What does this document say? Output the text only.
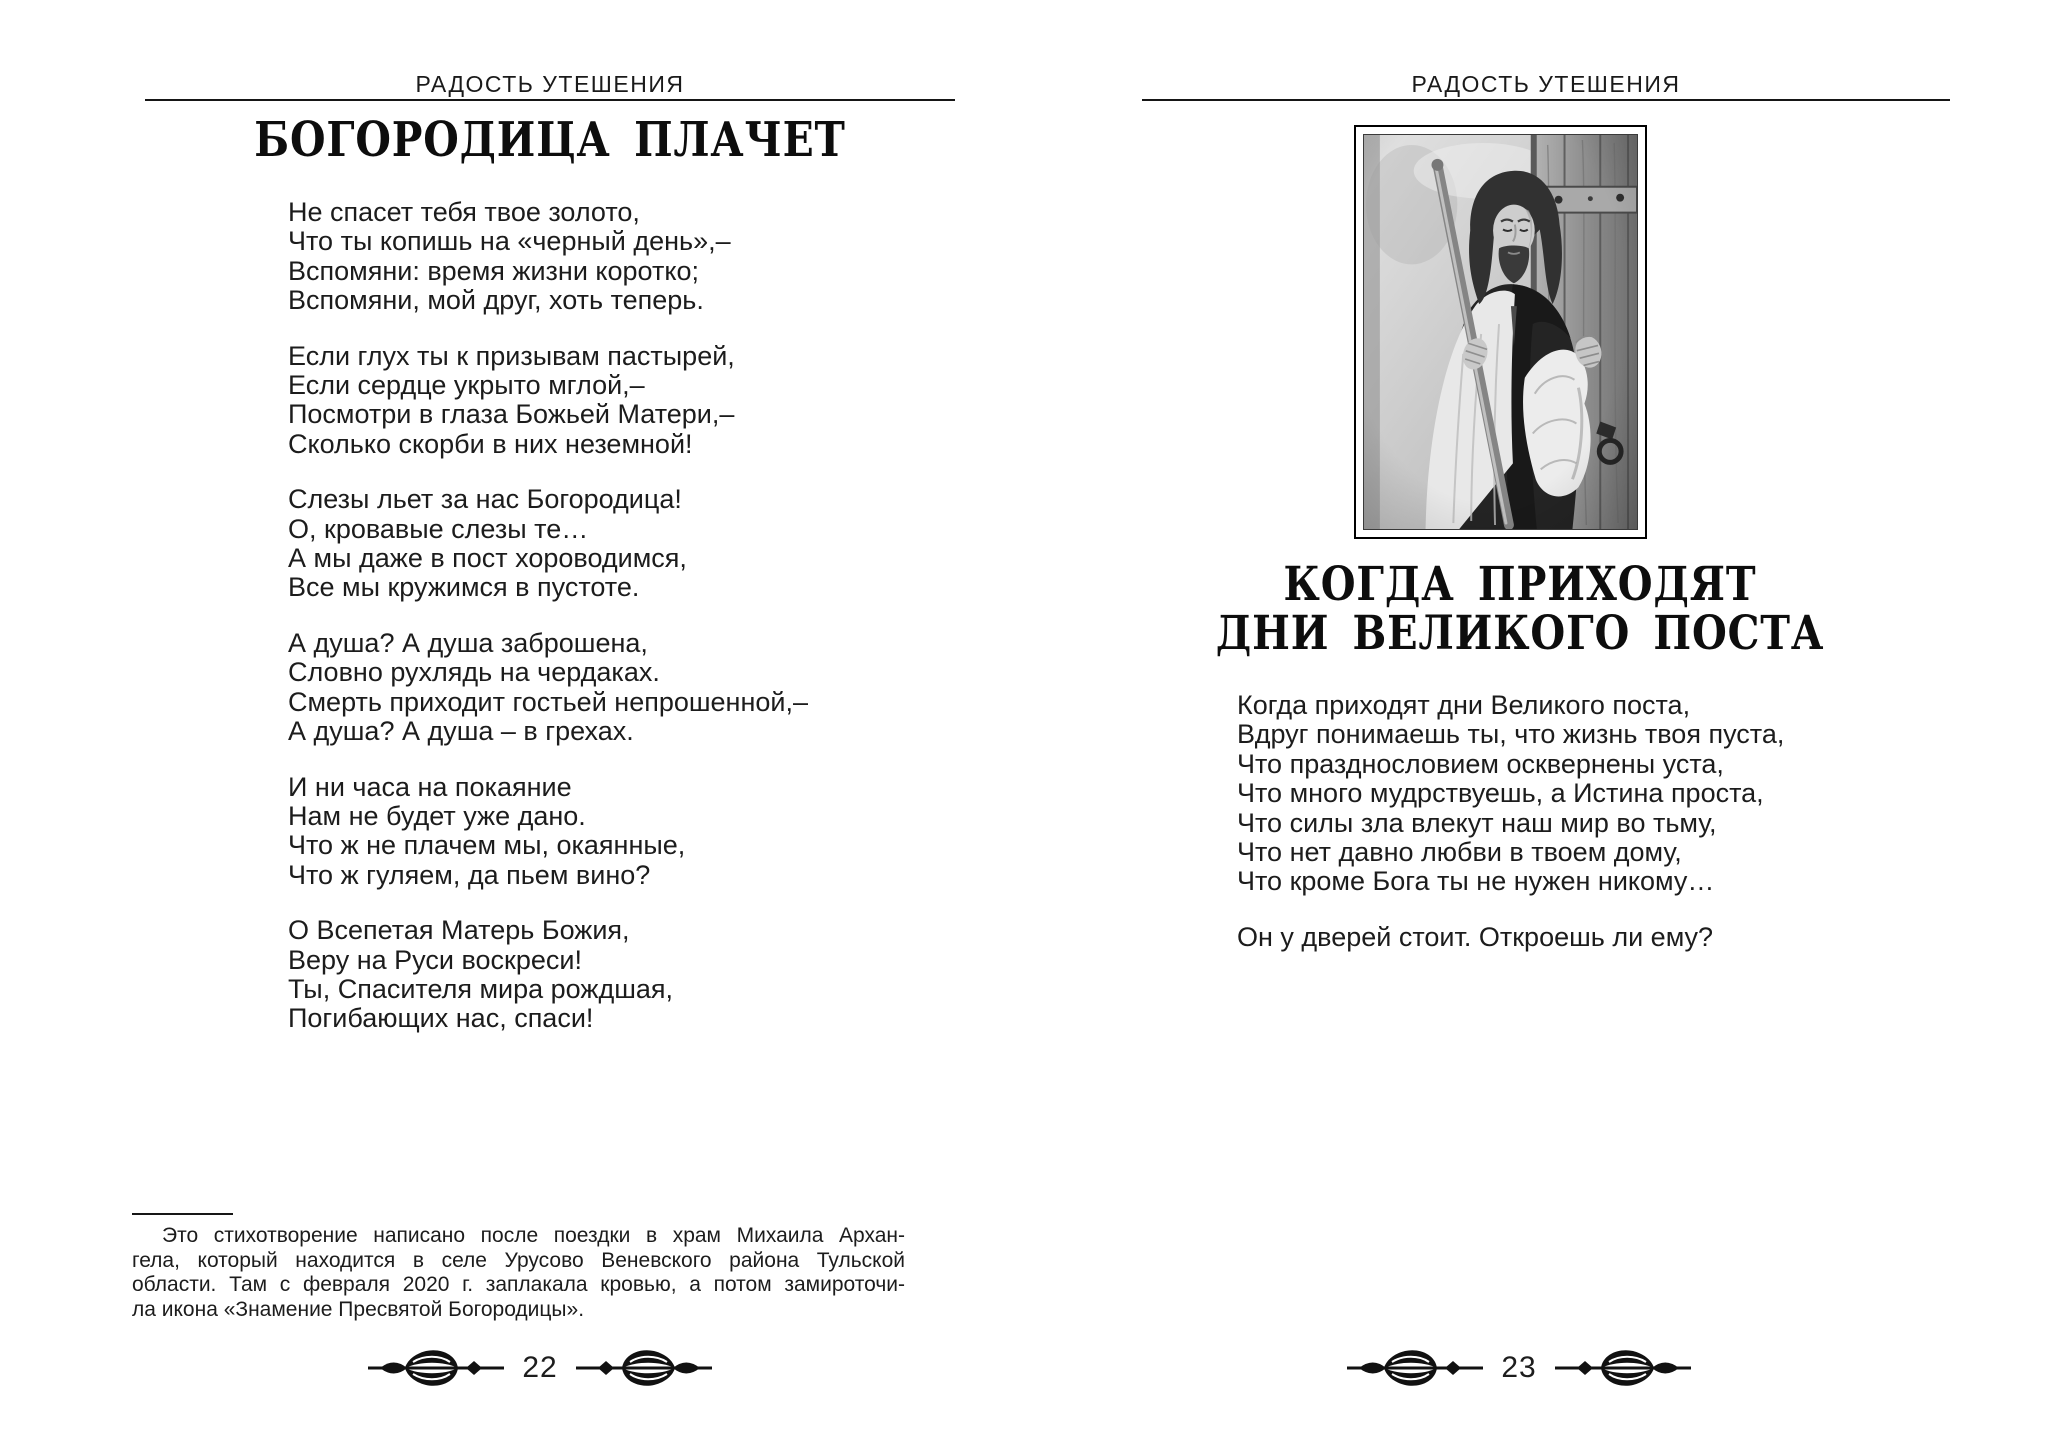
РАДОСТЬ УТЕШЕНИЯ
БОГОРОДИЦА ПЛАЧЕТ

Не спасет тебя твое золото,
Что ты копишь на «черный день»,–
Вспомяни: время жизни коротко;
Вспомяни, мой друг, хоть теперь.

Если глух ты к призывам пастырей,
Если сердце укрыто мглой,–
Посмотри в глаза Божьей Матери,–
Сколько скорби в них неземной!

Слезы льет за нас Богородица!
О, кровавые слезы те…
А мы даже в пост хороводимся,
Все мы кружимся в пустоте.

А душа? А душа заброшена,
Словно рухлядь на чердаках.
Смерть приходит гостьей непрошенной,–
А душа? А душа – в грехах.

И ни часа на покаяние
Нам не будет уже дано.
Что ж не плачем мы, окаянные,
Что ж гуляем, да пьем вино?

О Всепетая Матерь Божия,
Веру на Руси воскреси!
Ты, Спасителя мира рождшая,
Погибающих нас, спаси!

Это стихотворение написано после поездки в храм Михаила Архан-
гела, который находится в селе Урусово Веневского района Тульской
области. Там с февраля 2020 г. заплакала кровью, а потом замироточи-
ла икона «Знамение Пресвятой Богородицы».
22
РАДОСТЬ УТЕШЕНИЯ
КОГДА ПРИХОДЯТ
ДНИ ВЕЛИКОГО ПОСТА

Когда приходят дни Великого поста,
Вдруг понимаешь ты, что жизнь твоя пуста,
Что празднословием осквернены уста,
Что много мудрствуешь, а Истина проста,
Что силы зла влекут наш мир во тьму,
Что нет давно любви в твоем дому,
Что кроме Бога ты не нужен никому…

Он у дверей стоит. Откроешь ли ему?

23
